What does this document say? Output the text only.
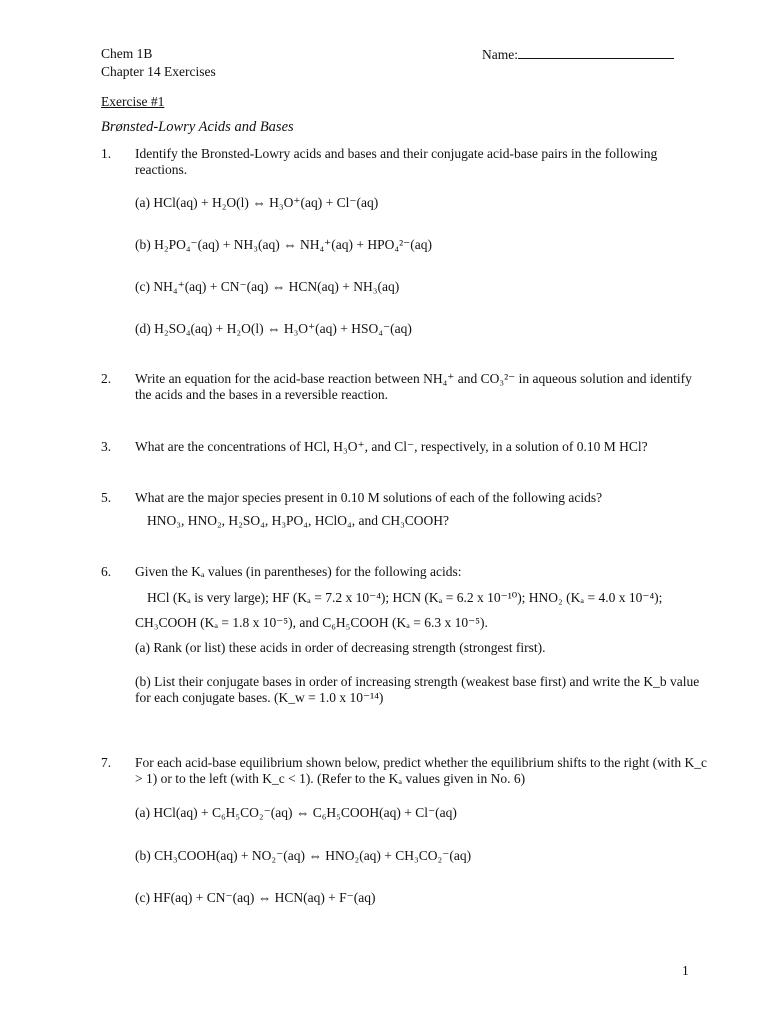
Chem 1B
Chapter 14 Exercises
Name:
Exercise #1
Brønsted-Lowry Acids and Bases
1. Identify the Bronsted-Lowry acids and bases and their conjugate acid-base pairs in the following reactions.
(a) HCl(aq) + H₂O(l) ⇔ H₃O⁺(aq) + Cl⁻(aq)
(b) H₂PO₄⁻(aq) + NH₃(aq) ⇔ NH₄⁺(aq) + HPO₄²⁻(aq)
(c) NH₄⁺(aq) + CN⁻(aq) ⇔ HCN(aq) + NH₃(aq)
(d) H₂SO₄(aq) + H₂O(l) ⇔ H₃O⁺(aq) + HSO₄⁻(aq)
2. Write an equation for the acid-base reaction between NH₄⁺ and CO₃²⁻ in aqueous solution and identify the acids and the bases in a reversible reaction.
3. What are the concentrations of HCl, H₃O⁺, and Cl⁻, respectively, in a solution of 0.10 M HCl?
5. What are the major species present in 0.10 M solutions of each of the following acids?
HNO₃, HNO₂, H₂SO₄, H₃PO₄, HClO₄, and CH₃COOH?
6. Given the Kₐ values (in parentheses) for the following acids:
HCl (Kₐ is very large); HF (Kₐ = 7.2 x 10⁻⁴); HCN (Kₐ = 6.2 x 10⁻¹⁰); HNO₂ (Kₐ = 4.0 x 10⁻⁴);
CH₃COOH (Kₐ = 1.8 x 10⁻⁵), and C₆H₅COOH (Kₐ = 6.3 x 10⁻⁵).
(a) Rank (or list) these acids in order of decreasing strength (strongest first).
(b) List their conjugate bases in order of increasing strength (weakest base first) and write the K_b value for each conjugate bases. (K_w = 1.0 x 10⁻¹⁴)
7. For each acid-base equilibrium shown below, predict whether the equilibrium shifts to the right (with K_c > 1) or to the left (with K_c < 1). (Refer to the Kₐ values given in No. 6)
(a) HCl(aq) + C₆H₅CO₂⁻(aq) ⇔ C₆H₅COOH(aq) + Cl⁻(aq)
(b) CH₃COOH(aq) + NO₂⁻(aq) ⇔ HNO₂(aq) + CH₃CO₂⁻(aq)
(c) HF(aq) + CN⁻(aq) ⇔ HCN(aq) + F⁻(aq)
1
